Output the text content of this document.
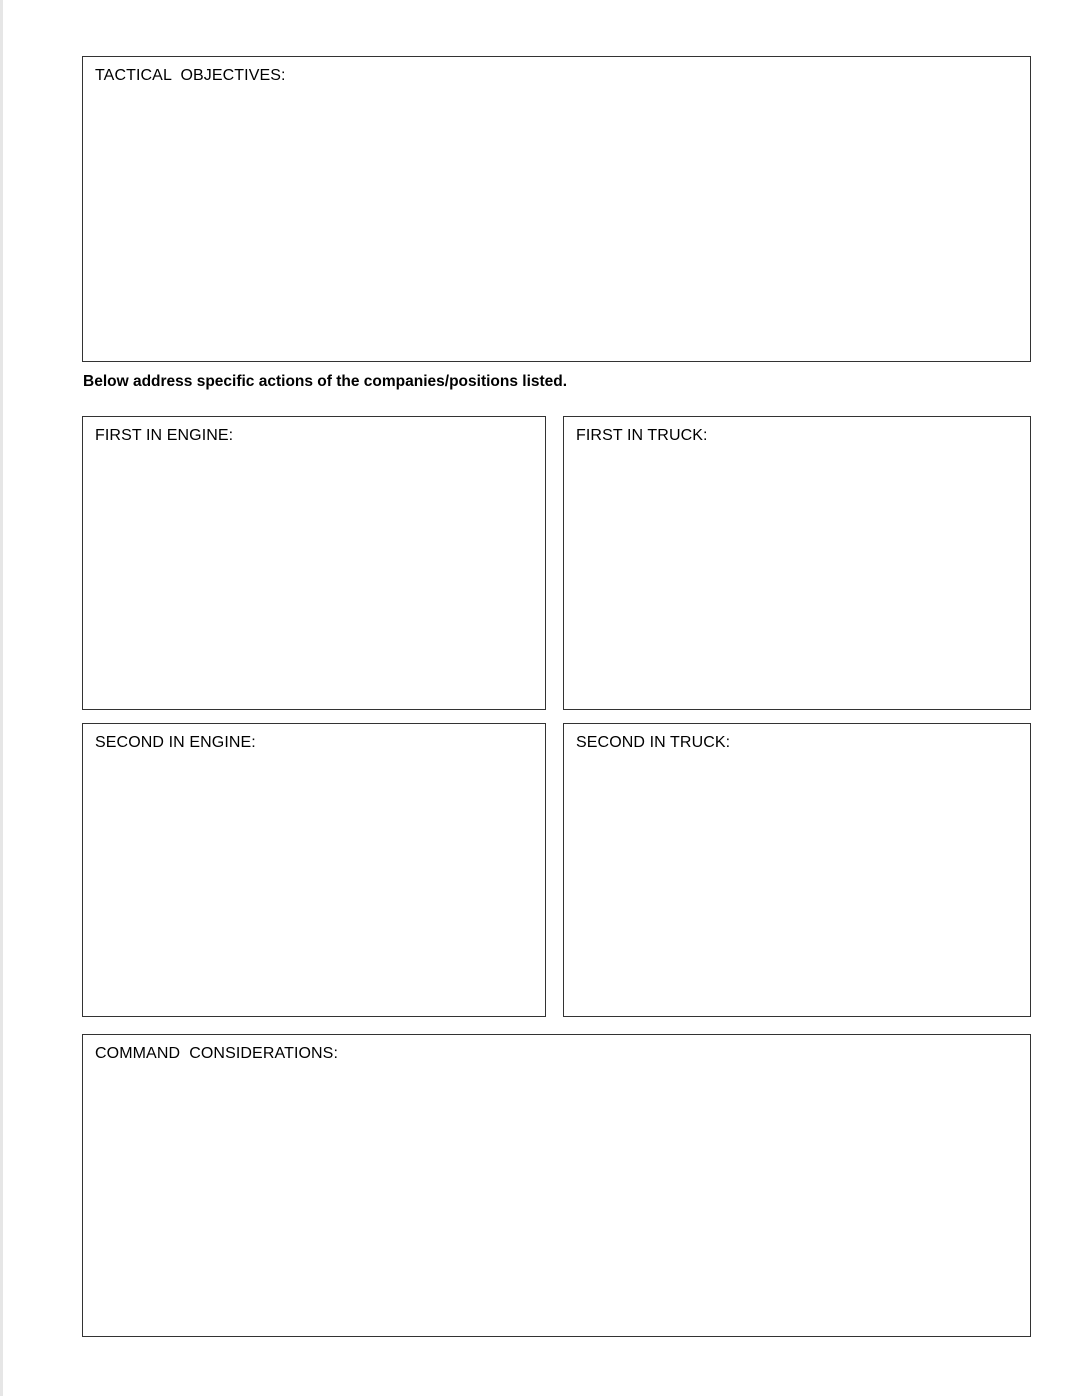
TACTICAL  OBJECTIVES:
Below address specific actions of the companies/positions listed.
FIRST IN ENGINE:	FIRST IN TRUCK:
SECOND IN ENGINE:	SECOND IN TRUCK:
COMMAND  CONSIDERATIONS:
